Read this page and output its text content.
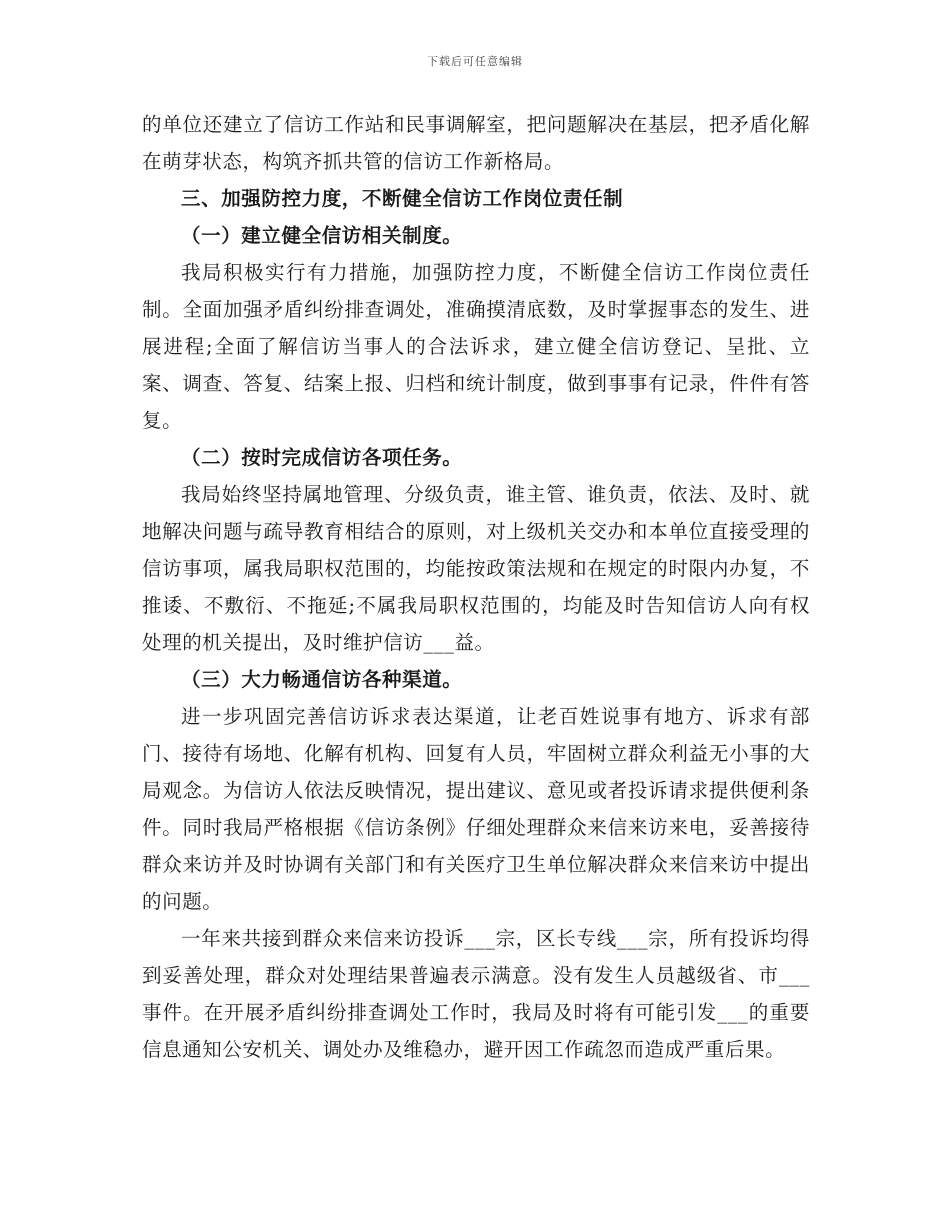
下载后可任意编辑

的单位还建立了信访工作站和民事调解室，把问题解决在基层，把矛盾化解在萌芽状态，构筑齐抓共管的信访工作新格局。

三、加强防控力度，不断健全信访工作岗位责任制

（一）建立健全信访相关制度。

我局积极实行有力措施，加强防控力度，不断健全信访工作岗位责任制。全面加强矛盾纠纷排查调处，准确摸清底数，及时掌握事态的发生、进展进程;全面了解信访当事人的合法诉求，建立健全信访登记、呈批、立案、调查、答复、结案上报、归档和统计制度，做到事事有记录，件件有答复。

（二）按时完成信访各项任务。

我局始终坚持属地管理、分级负责，谁主管、谁负责，依法、及时、就地解决问题与疏导教育相结合的原则，对上级机关交办和本单位直接受理的信访事项，属我局职权范围的，均能按政策法规和在规定的时限内办复，不推诿、不敷衍、不拖延;不属我局职权范围的，均能及时告知信访人向有权处理的机关提出，及时维护信访___益。

（三）大力畅通信访各种渠道。

进一步巩固完善信访诉求表达渠道，让老百姓说事有地方、诉求有部门、接待有场地、化解有机构、回复有人员，牢固树立群众利益无小事的大局观念。为信访人依法反映情况，提出建议、意见或者投诉请求提供便利条件。同时我局严格根据《信访条例》仔细处理群众来信来访来电，妥善接待群众来访并及时协调有关部门和有关医疗卫生单位解决群众来信来访中提出的问题。

一年来共接到群众来信来访投诉___宗，区长专线___宗，所有投诉均得到妥善处理，群众对处理结果普遍表示满意。没有发生人员越级省、市___事件。在开展矛盾纠纷排查调处工作时，我局及时将有可能引发___的重要信息通知公安机关、调处办及维稳办，避开因工作疏忽而造成严重后果。
